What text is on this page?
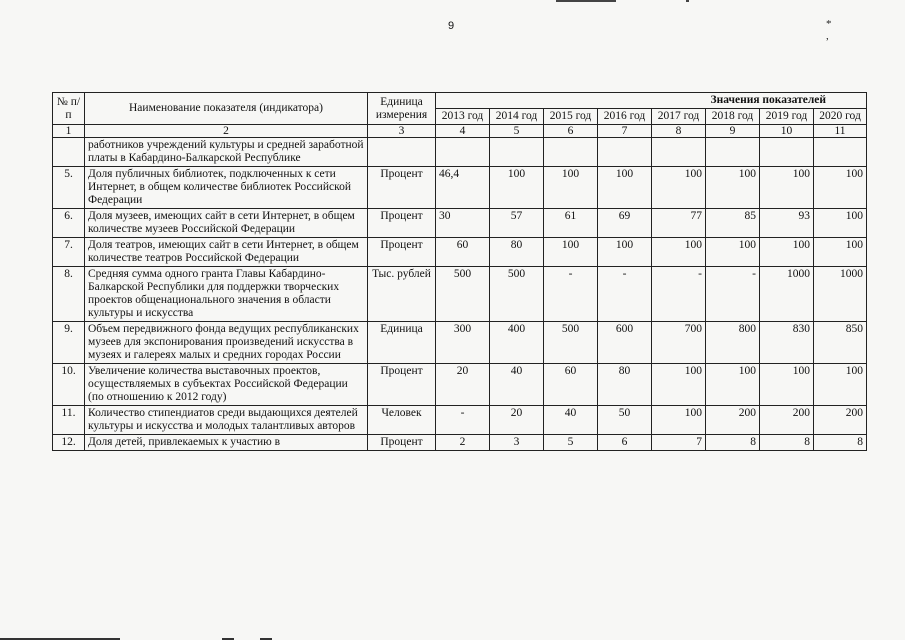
9	* ,
№ п/п	Наименование показателя (индикатора)	Единица измерения	Значения показателей							
			2013 год	2014 год	2015 год	2016 год	2017 год	2018 год	2019 год	2020 год
1	2	3	4	5	6	7	8	9	10	11
	работников учреждений культуры и средней заработной платы в Кабардино-Балкарской Республике									
5.	Доля публичных библиотек, подключенных к сети Интернет, в общем количестве библиотек Российской Федерации	Процент	46,4	100	100	100	100	100	100	100
6.	Доля музеев, имеющих сайт в сети Интернет, в общем количестве музеев Российской Федерации	Процент	30	57	61	69	77	85	93	100
7.	Доля театров, имеющих сайт в сети Интернет, в общем количестве театров Российской Федерации	Процент	60	80	100	100	100	100	100	100
8.	Средняя сумма одного гранта Главы Кабардино-Балкарской Республики для поддержки творческих проектов общенационального значения в области культуры и искусства	Тыс. рублей	500	500	-	-	-	-	1000	1000
9.	Объем передвижного фонда ведущих республиканских музеев для экспонирования произведений искусства в музеях и галереях малых и средних городах России	Единица	300	400	500	600	700	800	830	850
10.	Увеличение количества выставочных проектов, осуществляемых в субъектах Российской Федерации (по отношению к 2012 году)	Процент	20	40	60	80	100	100	100	100
11.	Количество стипендиатов среди выдающихся деятелей культуры и искусства и молодых талантливых авторов	Человек	-	20	40	50	100	200	200	200
12.	Доля детей, привлекаемых к участию в	Процент	2	3	5	6	7	8	8	8
